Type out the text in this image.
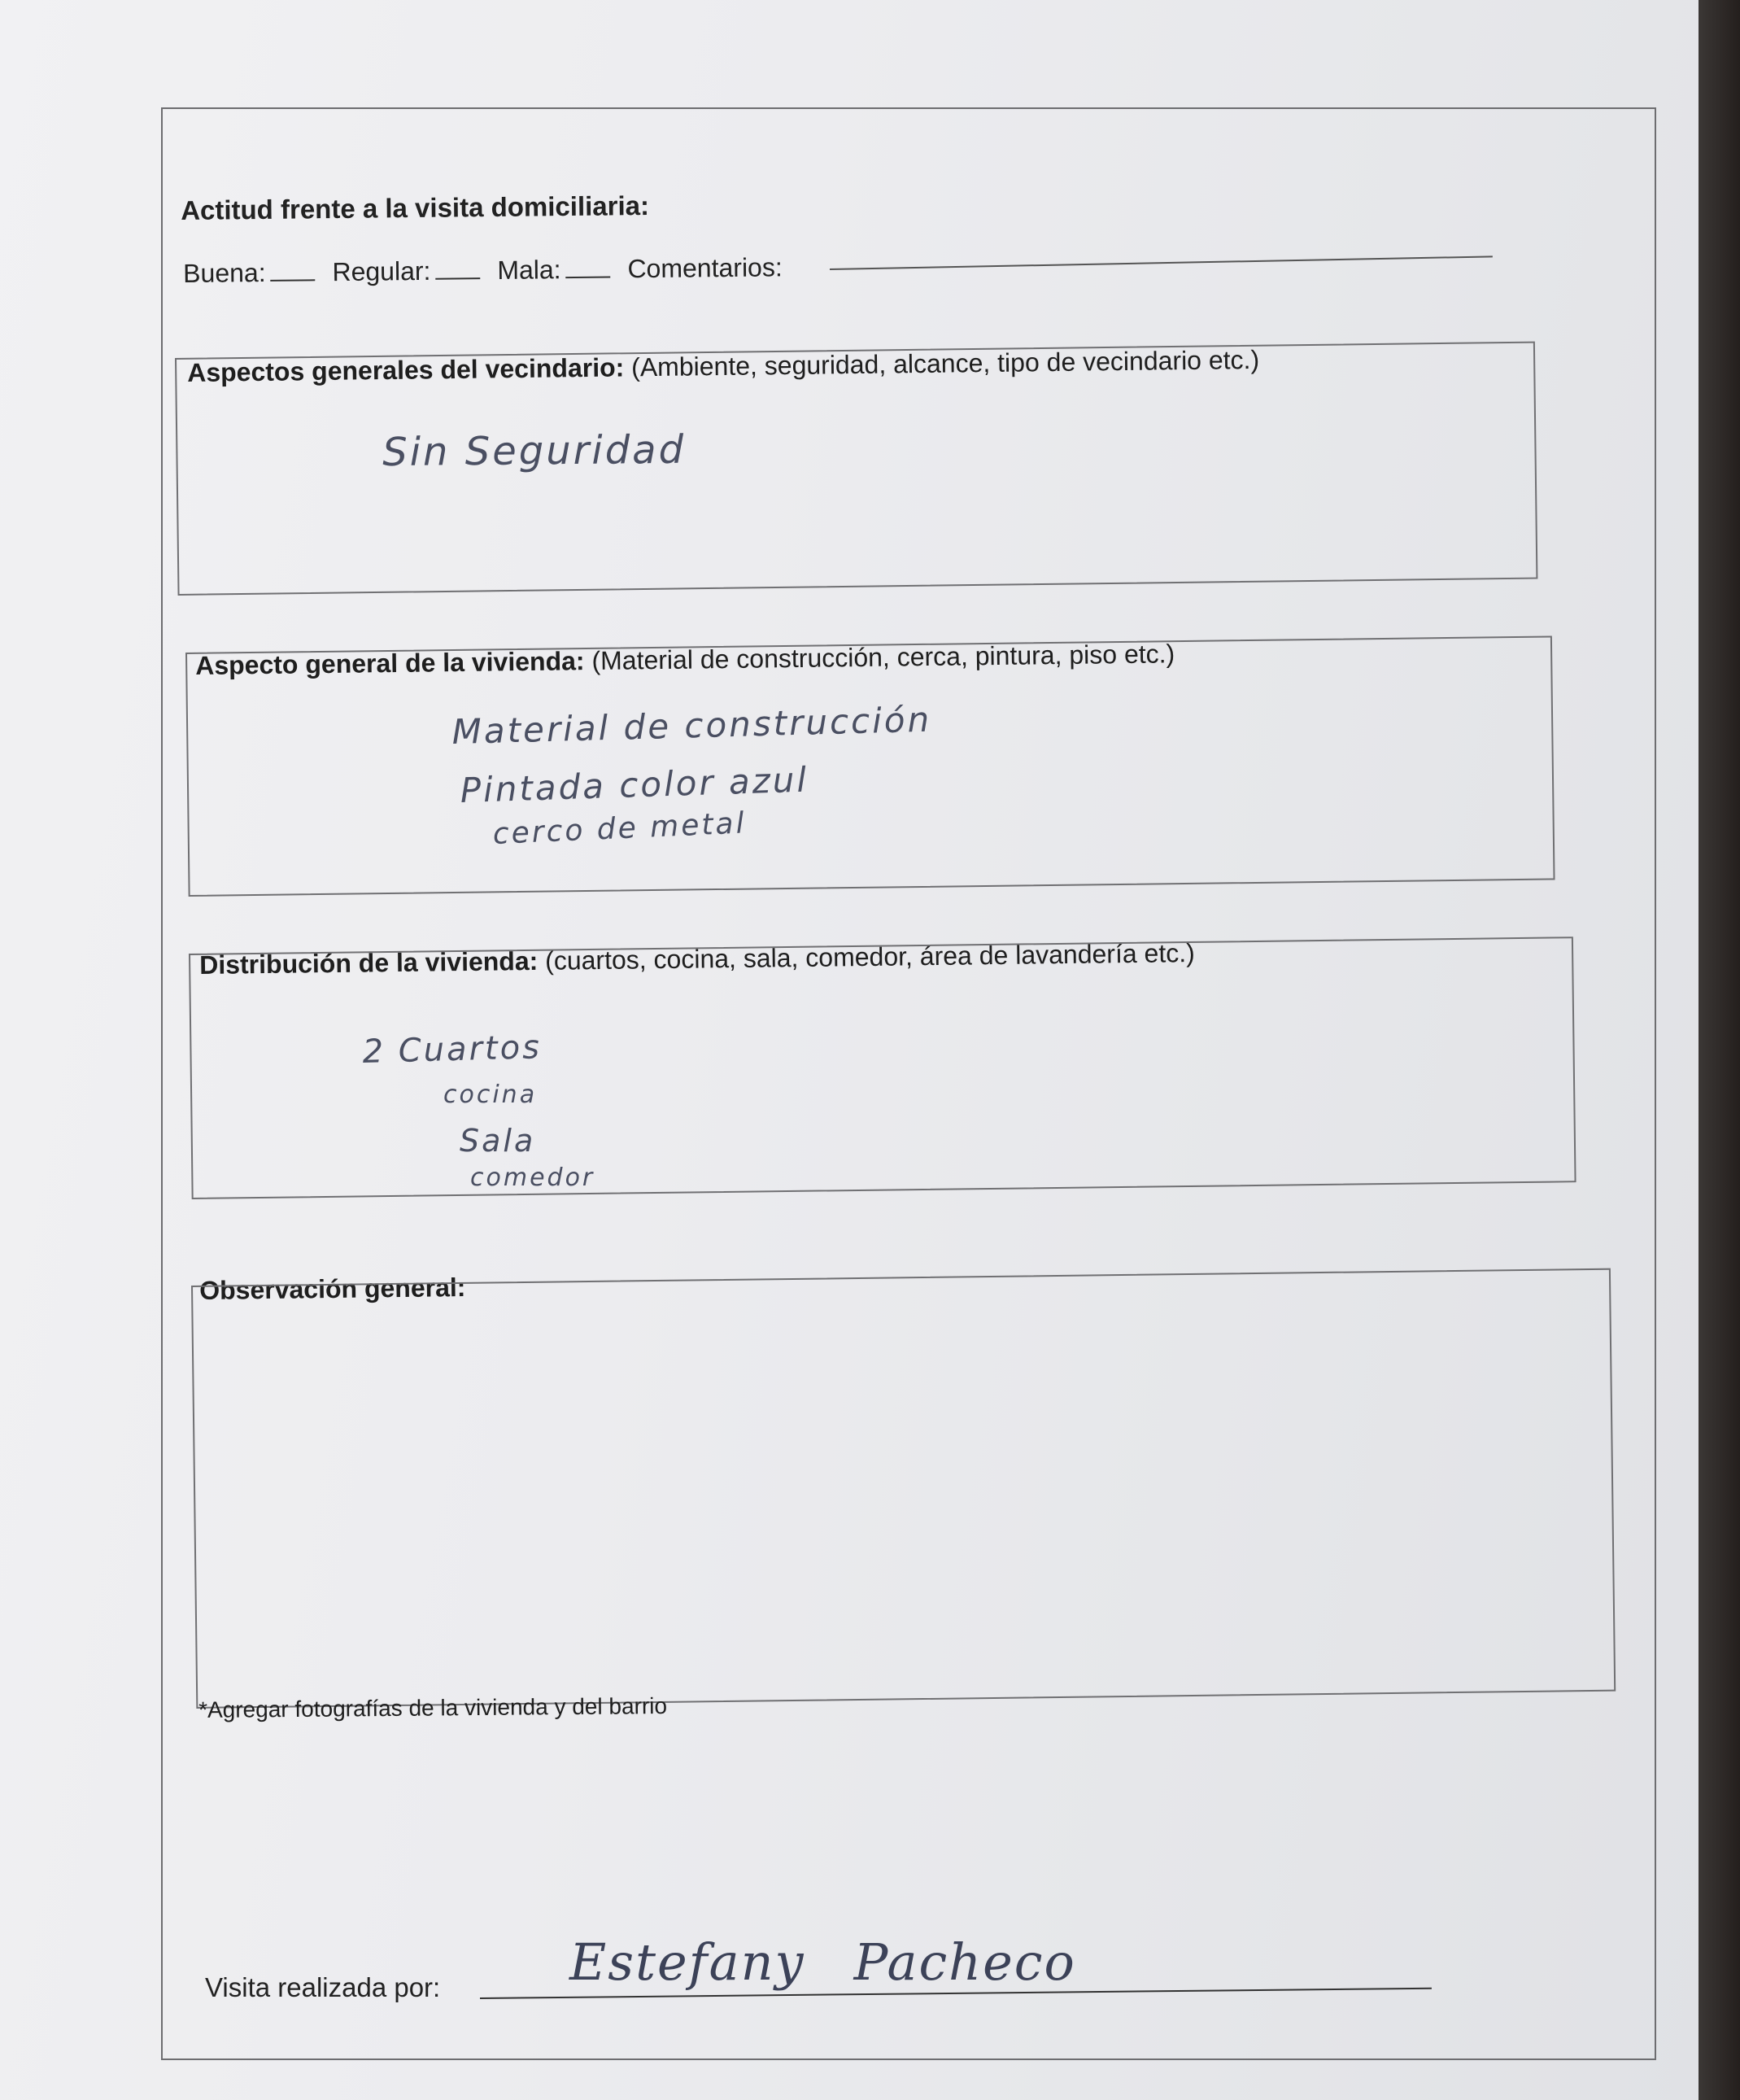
Actitud frente a la visita domiciliaria:
Buena:	Regular:	Mala:	Comentarios:
Aspectos generales del vecindario: (Ambiente, seguridad, alcance, tipo de vecindario etc.)
Sin Seguridad
Aspecto general de la vivienda: (Material de construcción, cerca, pintura, piso etc.)
Material de construcción
Pintada color azul
cerco de metal
Distribución de la vivienda: (cuartos, cocina, sala, comedor, área de lavandería etc.)
2 Cuartos
cocina
Sala
comedor
Observación general:
*Agregar fotografías de la vivienda y del barrio
Visita realizada por:	Estefany Pacheco
